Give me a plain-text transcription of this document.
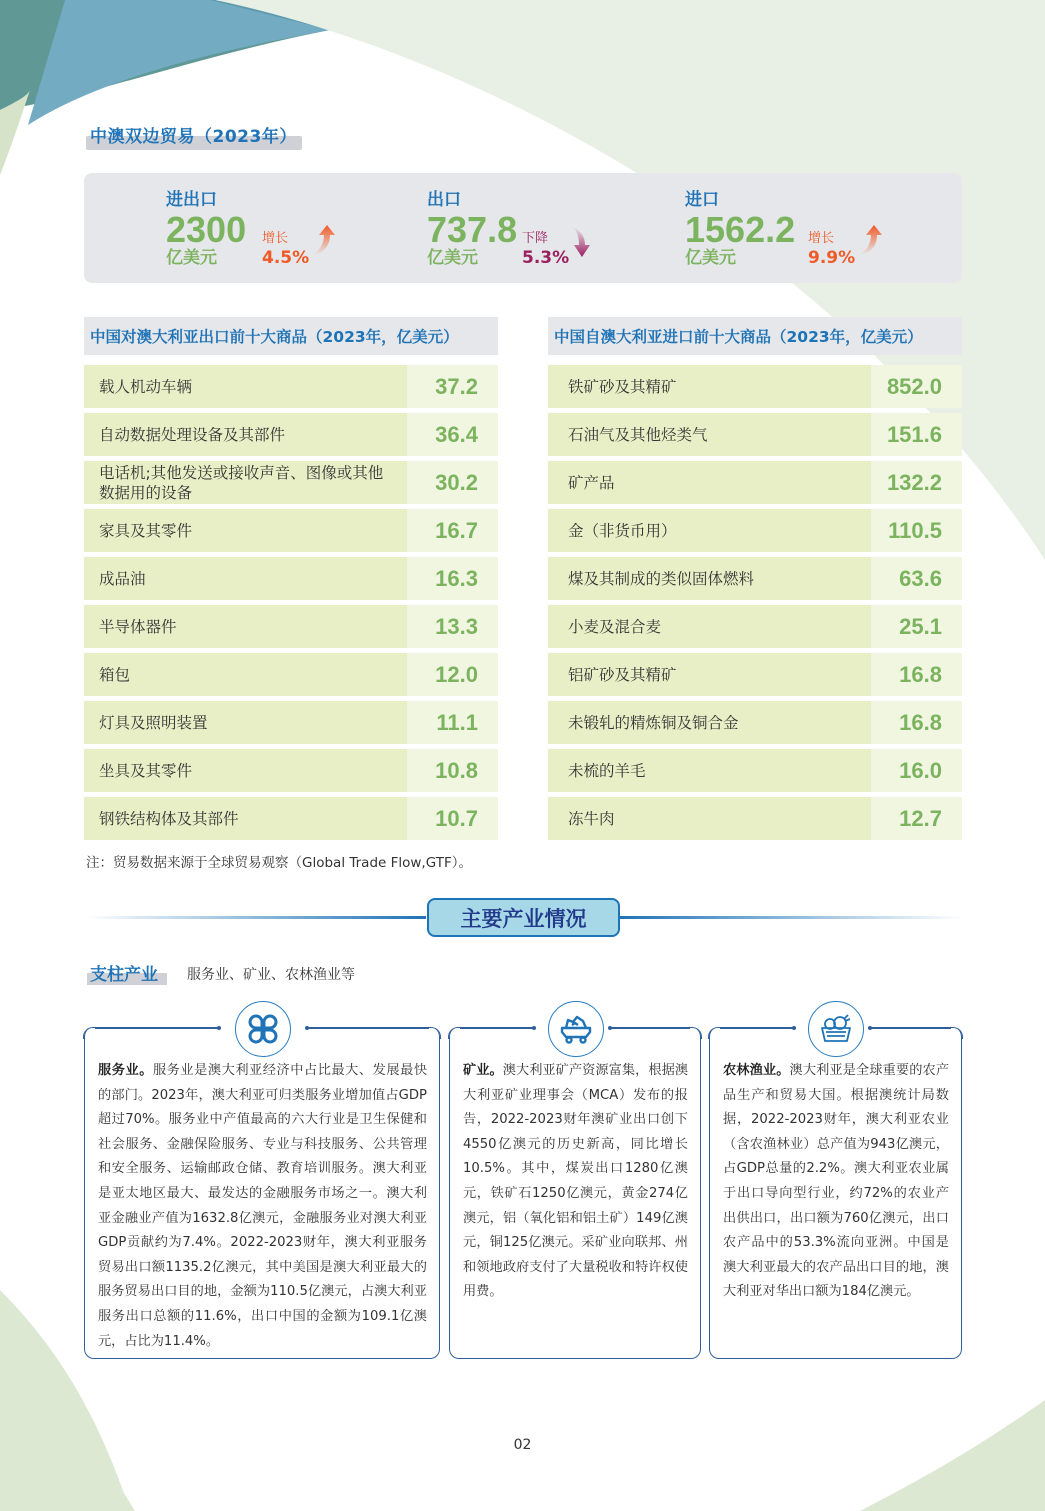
中澳双边贸易（2023年）
进出口
2300
亿美元
增长
4.5%
出口
737.8
亿美元
下降
5.3%
进口
1562.2
亿美元
增长
9.9%
中国对澳大利亚出口前十大商品（2023年，亿美元）
载人机动车辆	37.2
自动数据处理设备及其部件	36.4
电话机;其他发送或接收声音、图像或其他数据用的设备	30.2
家具及其零件	16.7
成品油	16.3
半导体器件	13.3
箱包	12.0
灯具及照明装置	11.1
坐具及其零件	10.8
钢铁结构体及其部件	10.7
中国自澳大利亚进口前十大商品（2023年，亿美元）
铁矿砂及其精矿	852.0
石油气及其他烃类气	151.6
矿产品	132.2
金（非货币用）	110.5
煤及其制成的类似固体燃料	63.6
小麦及混合麦	25.1
铝矿砂及其精矿	16.8
未锻轧的精炼铜及铜合金	16.8
未梳的羊毛	16.0
冻牛肉	12.7
注：贸易数据来源于全球贸易观察（Global Trade Flow,GTF）。
主要产业情况
支柱产业 服务业、矿业、农林渔业等
服务业。服务业是澳大利亚经济中占比最大、发展最快的部门。2023年，澳大利亚可归类服务业增加值占GDP超过70%。服务业中产值最高的六大行业是卫生保健和社会服务、金融保险服务、专业与科技服务、公共管理和安全服务、运输邮政仓储、教育培训服务。澳大利亚是亚太地区最大、最发达的金融服务市场之一。澳大利亚金融业产值为1632.8亿澳元，金融服务业对澳大利亚GDP贡献约为7.4%。2022-2023财年，澳大利亚服务贸易出口额1135.2亿澳元，其中美国是澳大利亚最大的服务贸易出口目的地，金额为110.5亿澳元，占澳大利亚服务出口总额的11.6%，出口中国的金额为109.1亿澳元，占比为11.4%。
矿业。澳大利亚矿产资源富集，根据澳大利亚矿业理事会（MCA）发布的报告，2022-2023财年澳矿业出口创下4550亿澳元的历史新高，同比增长10.5%。其中，煤炭出口1280亿澳元，铁矿石1250亿澳元，黄金274亿澳元，铝（氧化铝和铝土矿）149亿澳元，铜125亿澳元。采矿业向联邦、州和领地政府支付了大量税收和特许权使用费。
农林渔业。澳大利亚是全球重要的农产品生产和贸易大国。根据澳统计局数据，2022-2023财年，澳大利亚农业（含农渔林业）总产值为943亿澳元，占GDP总量的2.2%。澳大利亚农业属于出口导向型行业，约72%的农业产出供出口，出口额为760亿澳元，出口农产品中的53.3%流向亚洲。中国是澳大利亚最大的农产品出口目的地，澳大利亚对华出口额为184亿澳元。
02
